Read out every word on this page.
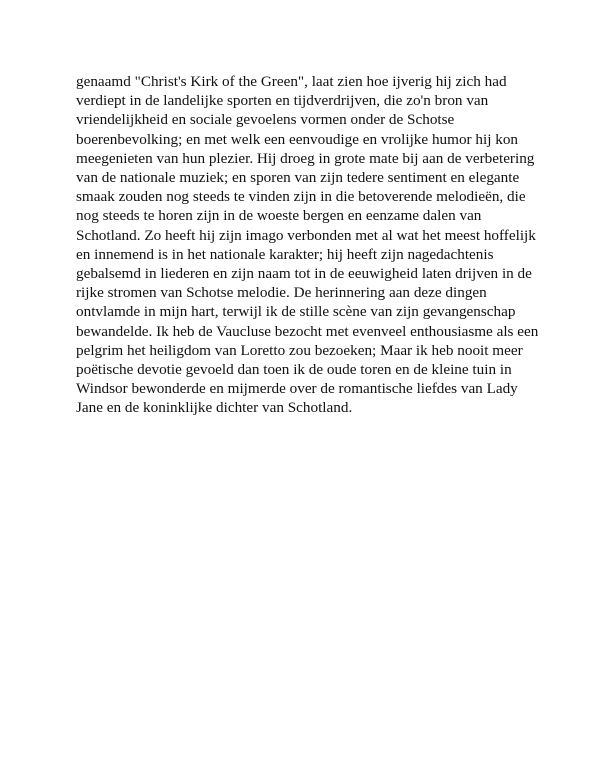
genaamd "Christ's Kirk of the Green", laat zien hoe ijverig hij zich had
verdiept in de landelijke sporten en tijdverdrijven, die zo'n bron van
vriendelijkheid en sociale gevoelens vormen onder de Schotse
boerenbevolking; en met welk een eenvoudige en vrolijke humor hij kon
meegenieten van hun plezier. Hij droeg in grote mate bij aan de verbetering
van de nationale muziek; en sporen van zijn tedere sentiment en elegante
smaak zouden nog steeds te vinden zijn in die betoverende melodieën, die
nog steeds te horen zijn in de woeste bergen en eenzame dalen van
Schotland. Zo heeft hij zijn imago verbonden met al wat het meest hoffelijk
en innemend is in het nationale karakter; hij heeft zijn nagedachtenis
gebalsemd in liederen en zijn naam tot in de eeuwigheid laten drijven in de
rijke stromen van Schotse melodie. De herinnering aan deze dingen
ontvlamde in mijn hart, terwijl ik de stille scène van zijn gevangenschap
bewandelde. Ik heb de Vaucluse bezocht met evenveel enthousiasme als een
pelgrim het heiligdom van Loretto zou bezoeken; Maar ik heb nooit meer
poëtische devotie gevoeld dan toen ik de oude toren en de kleine tuin in
Windsor bewonderde en mijmerde over de romantische liefdes van Lady
Jane en de koninklijke dichter van Schotland.
